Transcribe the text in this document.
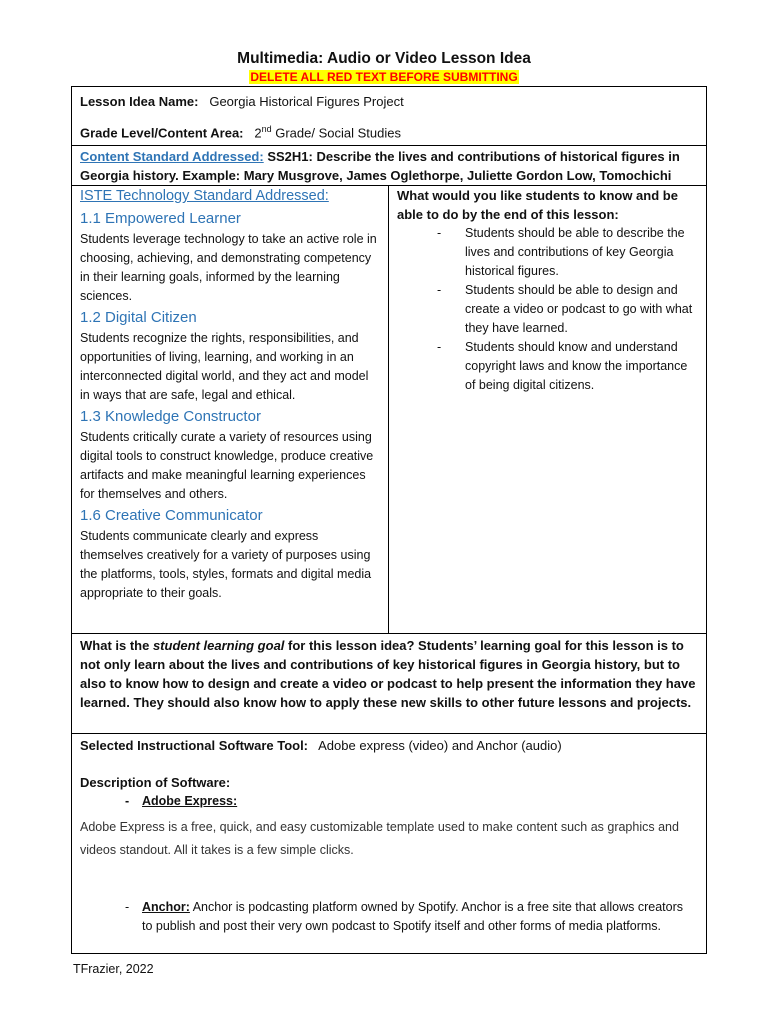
Multimedia: Audio or Video Lesson Idea
DELETE ALL RED TEXT BEFORE SUBMITTING
Lesson Idea Name: Georgia Historical Figures Project
Grade Level/Content Area: 2nd Grade/ Social Studies
Content Standard Addressed: SS2H1: Describe the lives and contributions of historical figures in Georgia history. Example: Mary Musgrove, James Oglethorpe, Juliette Gordon Low, Tomochichi
ISTE Technology Standard Addressed:
1.1 Empowered Learner
Students leverage technology to take an active role in choosing, achieving, and demonstrating competency in their learning goals, informed by the learning sciences.
1.2 Digital Citizen
Students recognize the rights, responsibilities, and opportunities of living, learning, and working in an interconnected digital world, and they act and model in ways that are safe, legal and ethical.
1.3 Knowledge Constructor
Students critically curate a variety of resources using digital tools to construct knowledge, produce creative artifacts and make meaningful learning experiences for themselves and others.
1.6 Creative Communicator
Students communicate clearly and express themselves creatively for a variety of purposes using the platforms, tools, styles, formats and digital media appropriate to their goals.
What would you like students to know and be able to do by the end of this lesson:
- Students should be able to describe the lives and contributions of key Georgia historical figures.
- Students should be able to design and create a video or podcast to go with what they have learned.
- Students should know and understand copyright laws and know the importance of being digital citizens.
What is the student learning goal for this lesson idea? Students’ learning goal for this lesson is to not only learn about the lives and contributions of key historical figures in Georgia history, but to also to know how to design and create a video or podcast to help present the information they have learned. They should also know how to apply these new skills to other future lessons and projects.
Selected Instructional Software Tool: Adobe express (video) and Anchor (audio)
Description of Software:
- Adobe Express:
Adobe Express is a free, quick, and easy customizable template used to make content such as graphics and videos standout. All it takes is a few simple clicks.
- Anchor: Anchor is podcasting platform owned by Spotify. Anchor is a free site that allows creators to publish and post their very own podcast to Spotify itself and other forms of media platforms.
TFrazier, 2022
